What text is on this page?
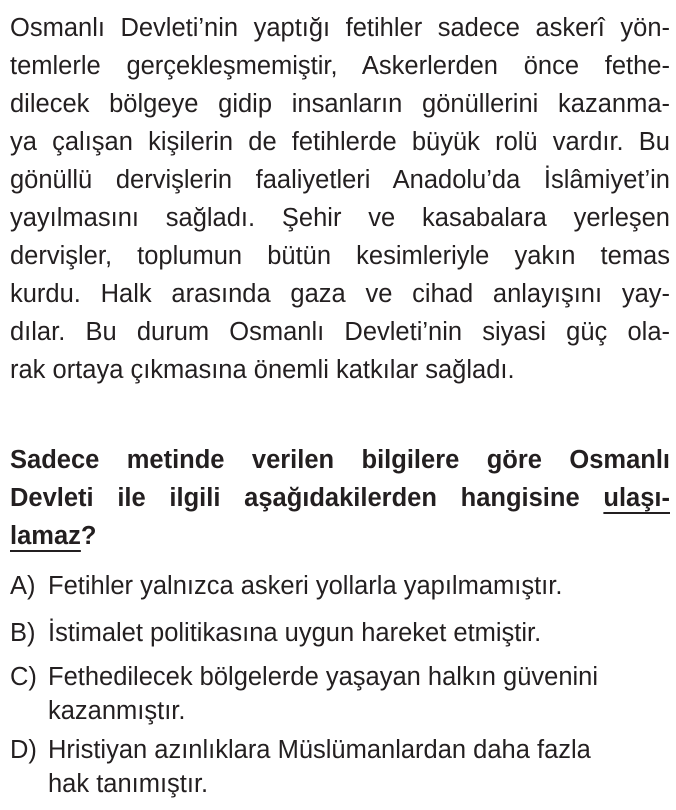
Osmanlı Devleti’nin yaptığı fetihler sadece askerî yön-
temlerle gerçekleşmemiştir, Askerlerden önce fethe-
dilecek bölgeye gidip insanların gönüllerini kazanma-
ya çalışan kişilerin de fetihlerde büyük rolü vardır. Bu
gönüllü dervişlerin faaliyetleri Anadolu’da İslâmiyet’in
yayılmasını sağladı. Şehir ve kasabalara yerleşen
dervişler, toplumun bütün kesimleriyle yakın temas
kurdu. Halk arasında gaza ve cihad anlayışını yay-
dılar. Bu durum Osmanlı Devleti’nin siyasi güç ola-
rak ortaya çıkmasına önemli katkılar sağladı.
Sadece metinde verilen bilgilere göre Osmanlı
Devleti ile ilgili aşağıdakilerden hangisine ulaşı-
lamaz?
A) Fetihler yalnızca askeri yollarla yapılmamıştır.
B) İstimalet politikasına uygun hareket etmiştir.
C) Fethedilecek bölgelerde yaşayan halkın güvenini
kazanmıştır.
D) Hristiyan azınlıklara Müslümanlardan daha fazla
hak tanımıştır.
